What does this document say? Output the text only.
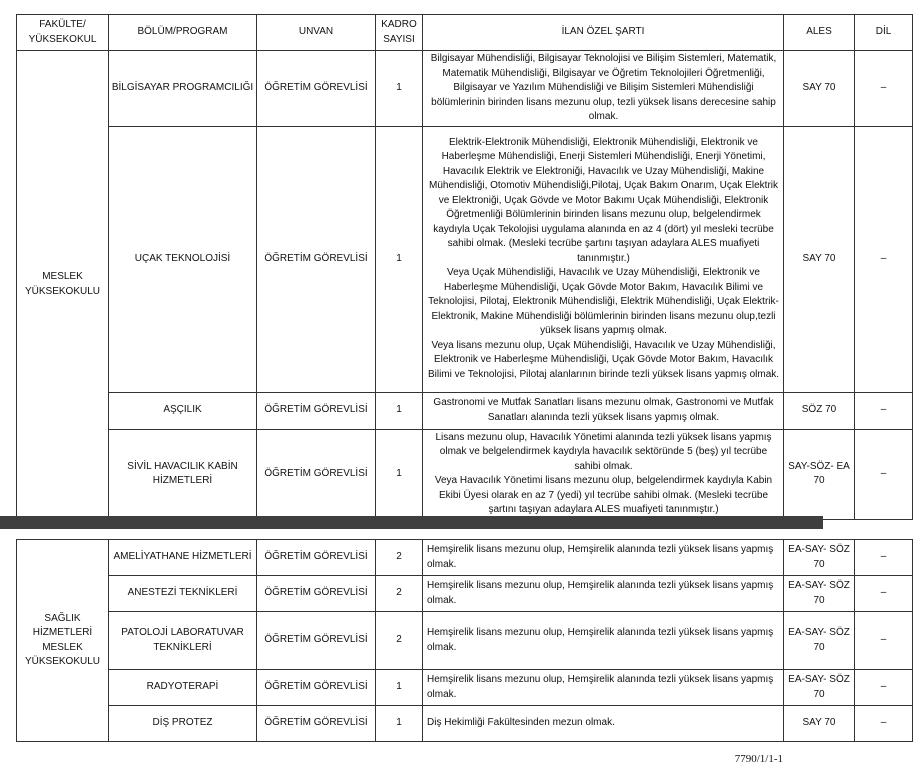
FAKÜLTE/ YÜKSEKOKUL	BÖLÜM/PROGRAM	UNVAN	KADRO SAYISI	İLAN ÖZEL ŞARTI	ALES	DİL
MESLEK YÜKSEKOKULU	BİLGİSAYAR PROGRAMCILIĞI	ÖĞRETİM GÖREVLİSİ	1	Bilgisayar Mühendisliği, Bilgisayar Teknolojisi ve Bilişim Sistemleri, Matematik, Matematik Mühendisliği, Bilgisayar ve Öğretim Teknolojileri Öğretmenliği, Bilgisayar ve Yazılım Mühendisliği ve Bilişim Sistemleri Mühendisliği bölümlerinin birinden lisans mezunu olup, tezli yüksek lisans derecesine sahip olmak.	SAY 70	–
	UÇAK TEKNOLOJİSİ	ÖĞRETİM GÖREVLİSİ	1	Elektrik-Elektronik Mühendisliği, Elektronik Mühendisliği, Elektronik ve Haberleşme Mühendisliği, Enerji Sistemleri Mühendisliği, Enerji Yönetimi, Havacılık Elektrik ve Elektroniği, Havacılık ve Uzay Mühendisliği, Makine Mühendisliği, Otomotiv Mühendisliği,Pilotaj, Uçak Bakım Onarım, Uçak Elektrik ve Elektroniği, Uçak Gövde ve Motor Bakımı Uçak Mühendisliği, Elektronik Öğretmenliği Bölümlerinin birinden lisans mezunu olup, belgelendirmek kaydıyla Uçak Tekolojisi uygulama alanında en az 4 (dört) yıl mesleki tecrübe sahibi olmak. (Mesleki tecrübe şartını taşıyan adaylara ALES muafiyeti tanınmıştır.)
Veya Uçak Mühendisliği, Havacılık ve Uzay Mühendisliği, Elektronik ve Haberleşme Mühendisliği, Uçak Gövde Motor Bakım, Havacılık Bilimi ve Teknolojisi, Pilotaj, Elektronik Mühendisliği, Elektrik Mühendisliği, Uçak Elektrik-Elektronik, Makine Mühendisliği bölümlerinin birinden lisans mezunu olup,tezli yüksek lisans yapmış olmak.
Veya lisans mezunu olup, Uçak Mühendisliği, Havacılık ve Uzay Mühendisliği, Elektronik ve Haberleşme Mühendisliği, Uçak Gövde Motor Bakım, Havacılık Bilimi ve Teknolojisi, Pilotaj alanlarının birinde tezli yüksek lisans yapmış olmak.	SAY 70	–
	AŞÇILIK	ÖĞRETİM GÖREVLİSİ	1	Gastronomi ve Mutfak Sanatları lisans mezunu olmak, Gastronomi ve Mutfak Sanatları alanında tezli yüksek lisans yapmış olmak.	SÖZ 70	–
	SİVİL HAVACILIK KABİN HİZMETLERİ	ÖĞRETİM GÖREVLİSİ	1	Lisans mezunu olup, Havacılık Yönetimi alanında tezli yüksek lisans yapmış olmak ve belgelendirmek kaydıyla havacılık sektöründe 5 (beş) yıl tecrübe sahibi olmak.
Veya Havacılık Yönetimi lisans mezunu olup, belgelendirmek kaydıyla Kabin Ekibi Üyesi olarak en az 7 (yedi) yıl tecrübe sahibi olmak. (Mesleki tecrübe şartını taşıyan adaylara ALES muafiyeti tanınmıştır.)	SAY-SÖZ- EA 70	–
SAĞLIK HİZMETLERİ MESLEK YÜKSEKOKULU	AMELİYATHANE HİZMETLERİ	ÖĞRETİM GÖREVLİSİ	2	Hemşirelik lisans mezunu olup, Hemşirelik alanında tezli yüksek lisans yapmış olmak.	EA-SAY- SÖZ 70	–
	ANESTEZİ TEKNİKLERİ	ÖĞRETİM GÖREVLİSİ	2	Hemşirelik lisans mezunu olup, Hemşirelik alanında tezli yüksek lisans yapmış olmak.	EA-SAY- SÖZ 70	–
	PATOLOJİ LABORATUVAR TEKNİKLERİ	ÖĞRETİM GÖREVLİSİ	2	Hemşirelik lisans mezunu olup, Hemşirelik alanında tezli yüksek lisans yapmış olmak.	EA-SAY- SÖZ 70	–
	RADYOTERAPİ	ÖĞRETİM GÖREVLİSİ	1	Hemşirelik lisans mezunu olup, Hemşirelik alanında tezli yüksek lisans yapmış olmak.	EA-SAY- SÖZ 70	–
	DİŞ PROTEZ	ÖĞRETİM GÖREVLİSİ	1	Diş Hekimliği Fakültesinden mezun olmak.	SAY 70	–
7790/1/1-1
